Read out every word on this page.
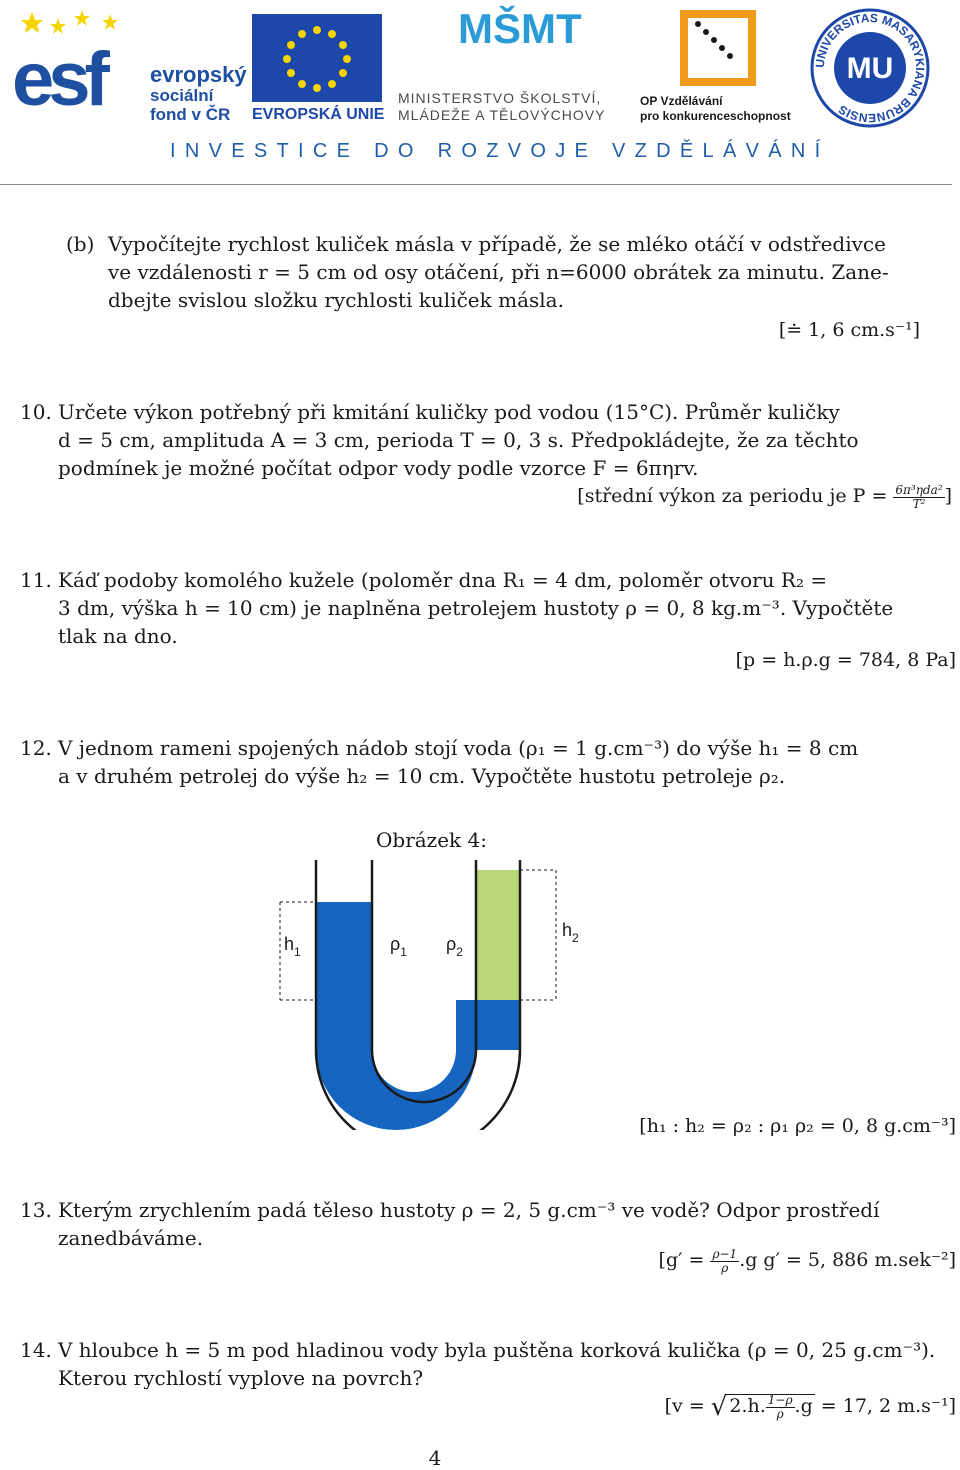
esf evropský
sociální
fond v ČR	EVROPSKÁ UNIE
MŠMT
MINISTERSTVO ŠKOLSTVÍ,
MLÁDEŽE A TĚLOVÝCHOVY
OP Vzdělávání
pro konkurenceschopnost
UNIVERSITAS MASARYKIANA BRUNENSIS
MU
INVESTICE DO ROZVOJE VZDĚLÁVÁNÍ
(b) Vypočítejte rychlost kuliček másla v případě, že se mléko otáčí v odstředivce
ve vzdálenosti r = 5 cm od osy otáčení, při n=6000 obrátek za minutu. Zane-
dbejte svislou složku rychlosti kuliček másla.
[≐ 1, 6 cm.s⁻¹]
10. Určete výkon potřebný při kmitání kuličky pod vodou (15°C). Průměr kuličky
d = 5 cm, amplituda A = 3 cm, perioda T = 0, 3 s. Předpokládejte, že za těchto
podmínek je možné počítat odpor vody podle vzorce F = 6πηrv.
[střední výkon za periodu je $P = \frac{\text{6π³ηda²}}{\text{T²}}$ ]
11. Káď podoby komolého kužele (poloměr dna R₁ = 4 dm, poloměr otvoru R₂ =
3 dm, výška h = 10 cm) je naplněna petrolejem hustoty ρ = 0, 8 kg.m⁻³. Vypočtěte
tlak na dno.
[p = h.ρ.g = 784, 8 Pa]
12. V jednom rameni spojených nádob stojí voda (ρ₁ = 1 g.cm⁻³) do výše h₁ = 8 cm
a v druhém petrolej do výše h₂ = 10 cm. Vypočtěte hustotu petroleje ρ₂.
Obrázek 4:
$h_1$	$\rho_1$ $\rho_2$
$h_2$
[h₁ : h₂ = ρ₂ : ρ₁ ρ₂ = 0, 8 g.cm⁻³]
13. Kterým zrychlením padá těleso hustoty ρ = 2, 5 g.cm⁻³ ve vodě? Odpor prostředí
zanedbáváme.
[$g' = \frac{\rho-1}{\rho} .g$ g′ = 5, 886 m.sek⁻²]
14. V hloubce h = 5 m pod hladinou vody byla puštěna korková kulička (ρ = 0, 25 g.cm⁻³).
Kterou rychlostí vyplove na povrch?
[v = √ 2.h. $\frac{1-\rho}{\rho} .g = 17$, 2 m.s⁻¹]
4
